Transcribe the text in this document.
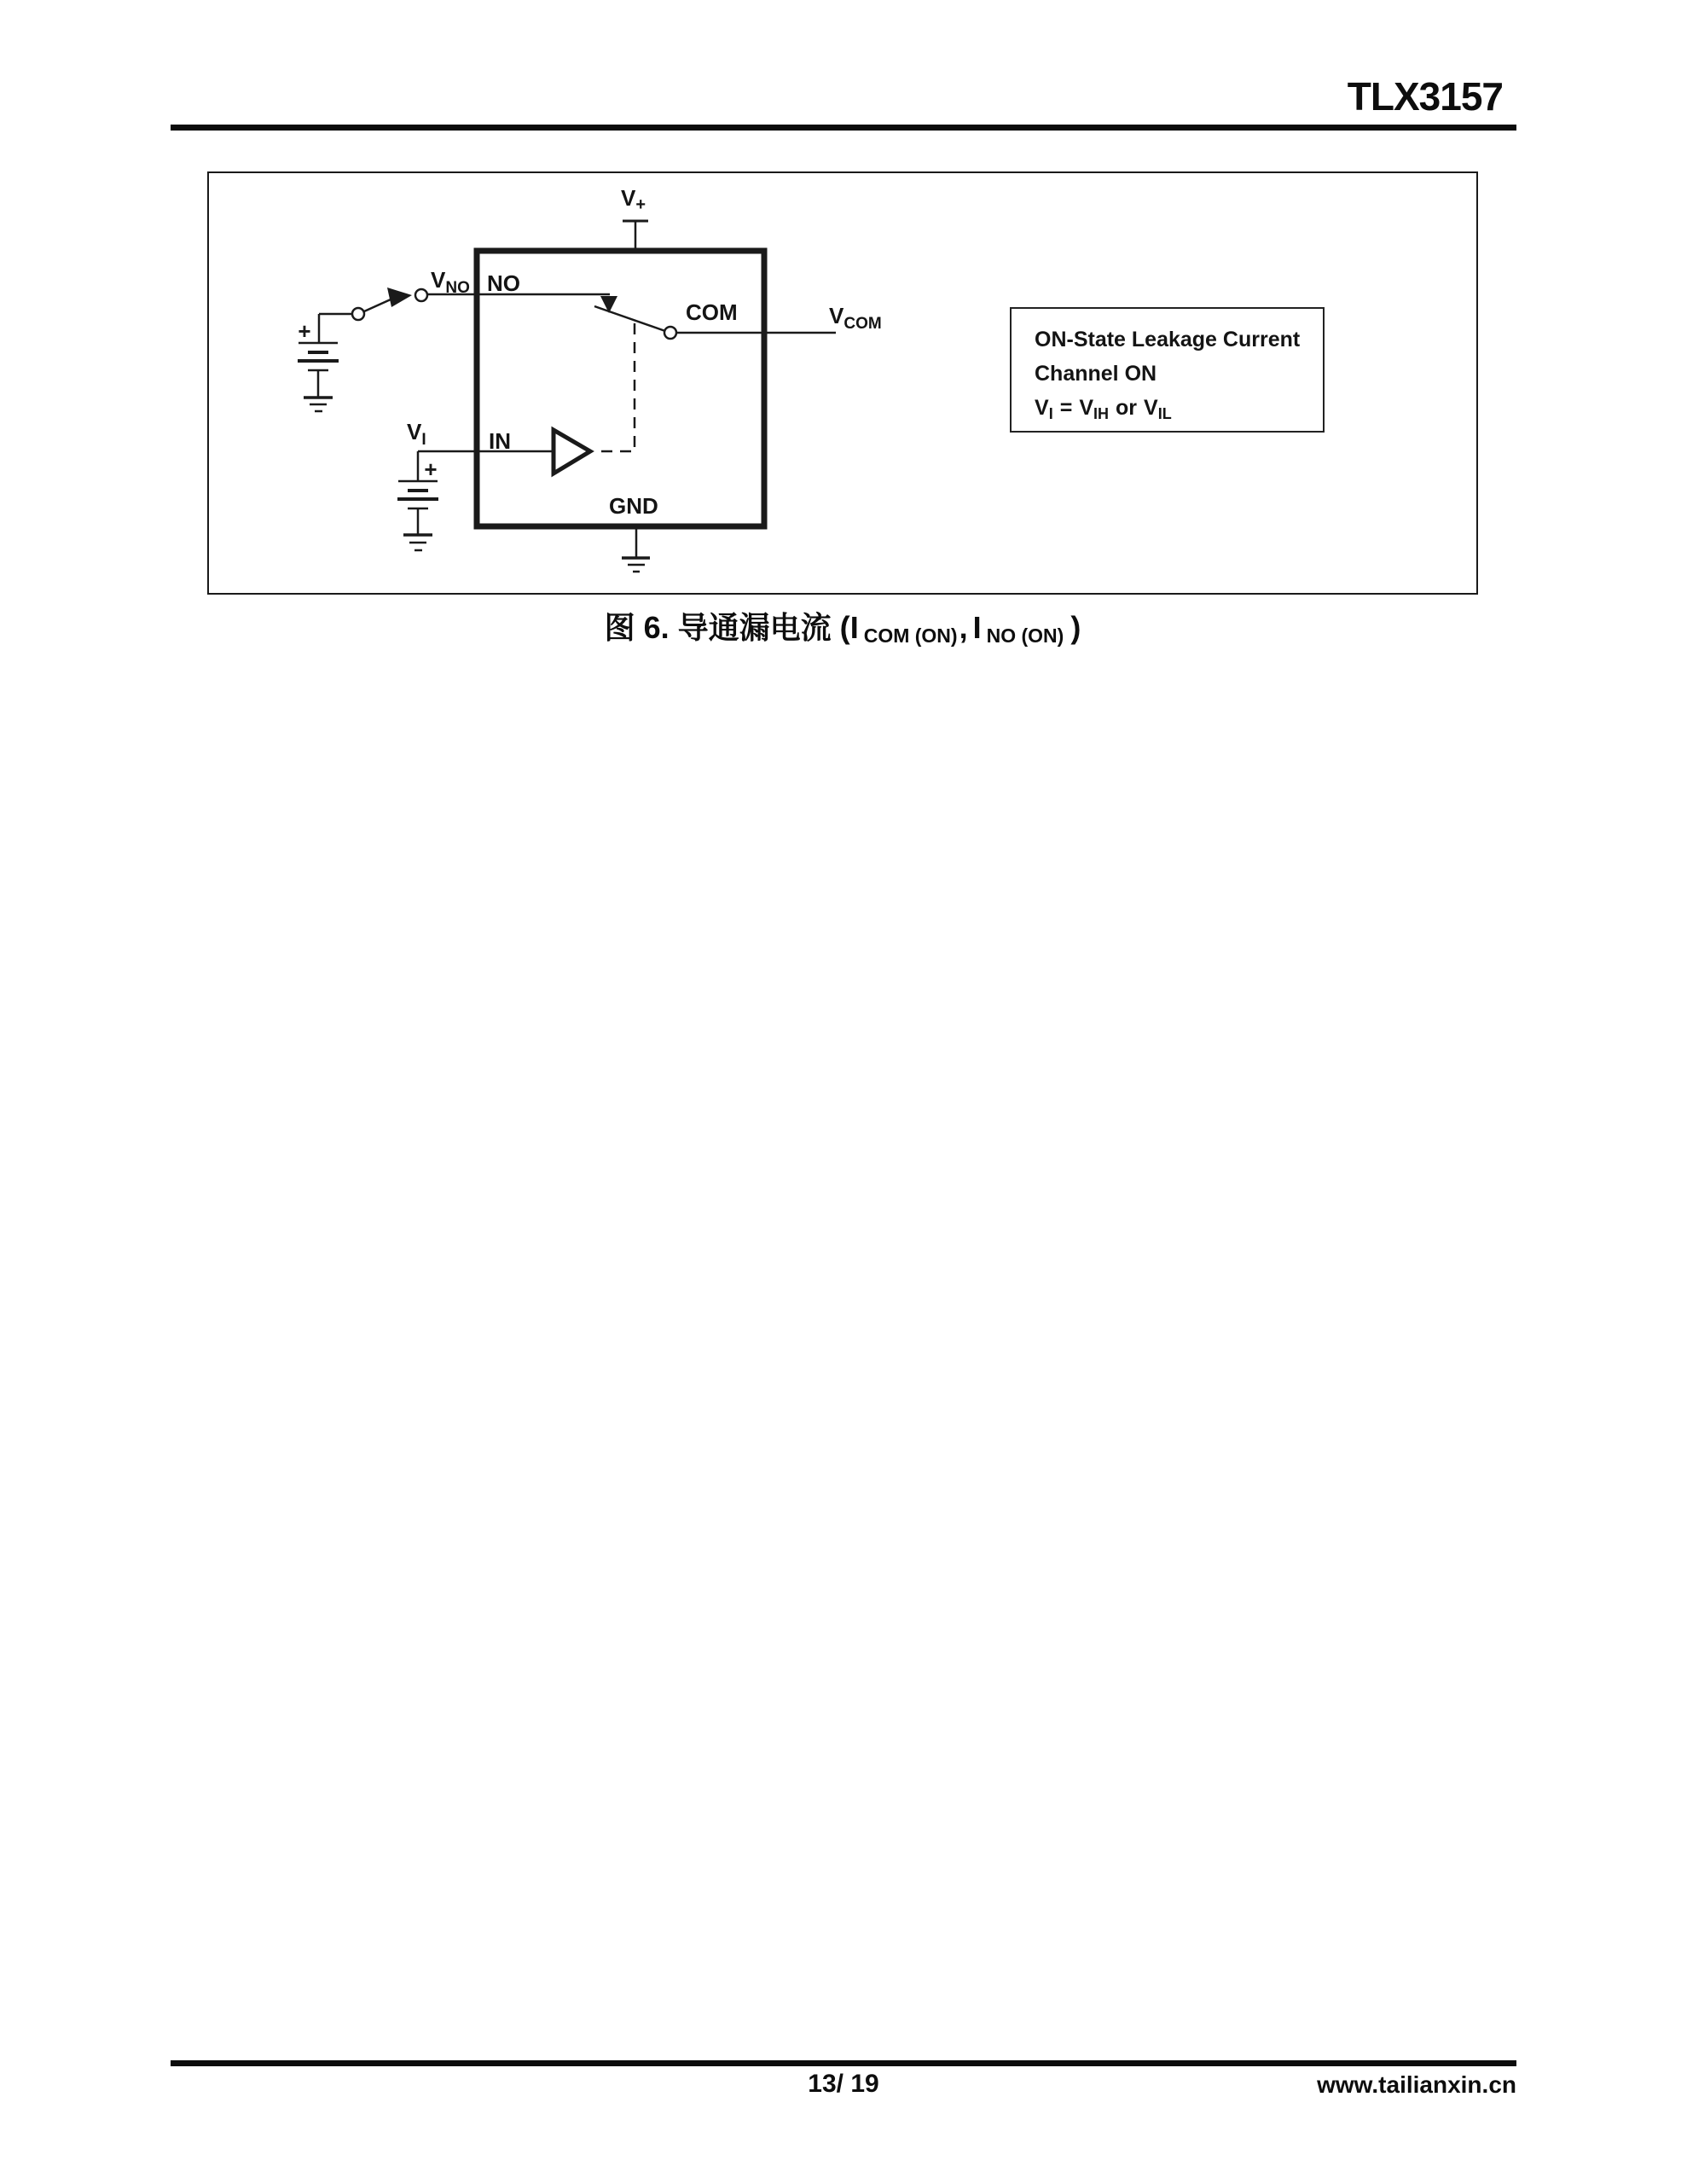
TLX3157
+
+
V+
$V_{NO}$ NO
COM	$V_{COM}$
$V_I$	IN
GND
ON-State Leakage Current
Channel ON
$V_I = V_{IH}$ or $V_{IL}$
图 6. 导通漏电流 (I COM (ON), I NO (ON) )
13/ 19	www.tailianxin.cn
